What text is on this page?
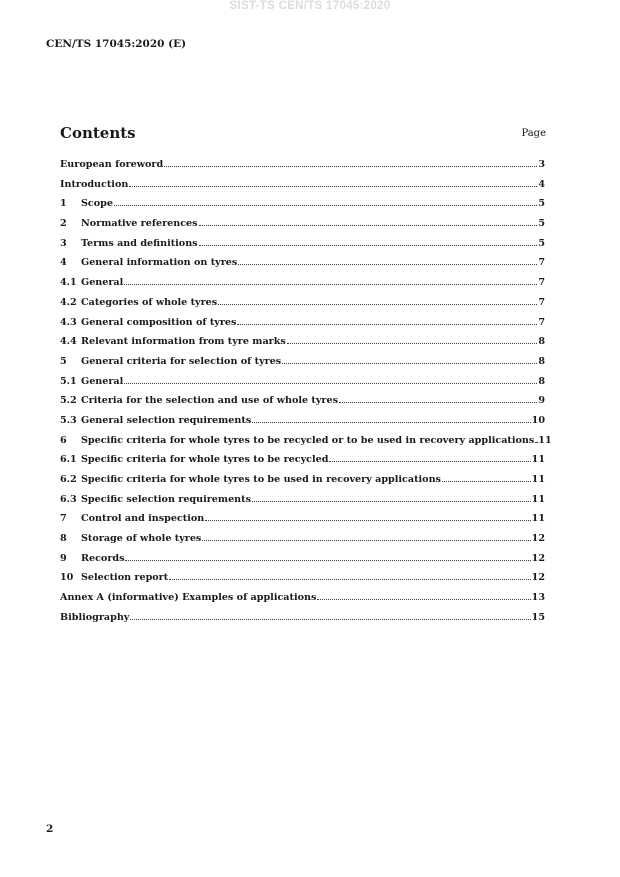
SIST-TS CEN/TS 17045:2020
CEN/TS 17045:2020 (E)
Contents	Page
European foreword	3
Introduction	4
1	Scope	5
2	Normative references	5
3	Terms and definitions	5
4	General information on tyres	7
4.1 General	7
4.2 Categories of whole tyres	7
4.3 General composition of tyres	7
4.4 Relevant information from tyre marks	8
5	General criteria for selection of tyres	8
5.1 General	8
5.2 Criteria for the selection and use of whole tyres	9
5.3 General selection requirements	10
6	Specific criteria for whole tyres to be recycled or to be used in recovery applications 11
6.1 Specific criteria for whole tyres to be recycled	11
6.2 Specific criteria for whole tyres to be used in recovery applications	11
6.3 Specific selection requirements	11
7	Control and inspection	11
8	Storage of whole tyres	12
9	Records	12
10 Selection report	12
Annex A (informative) Examples of applications	13
Bibliography	15
2
